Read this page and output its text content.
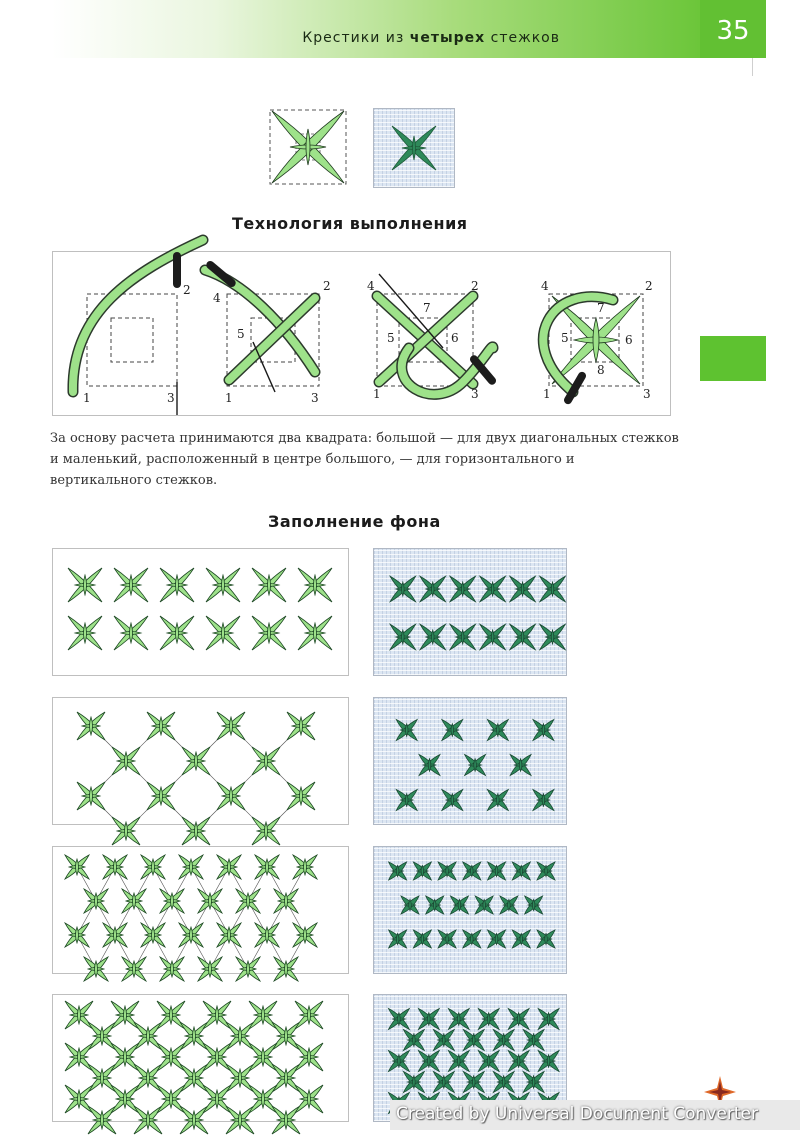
Крестики из четырех стежков	35
Технология выполнения
1
2
3	1
2
3
4
5
1
2
3
4
5	6
7
1
2
3
4
5	6
7
8
За основу расчета принимаются два квадрата: большой — для двух диагональных стежков и маленький, расположенный в центре большого, — для горизонтального и вертикального стежков.
Заполнение фона
Created by Universal Document Converter
